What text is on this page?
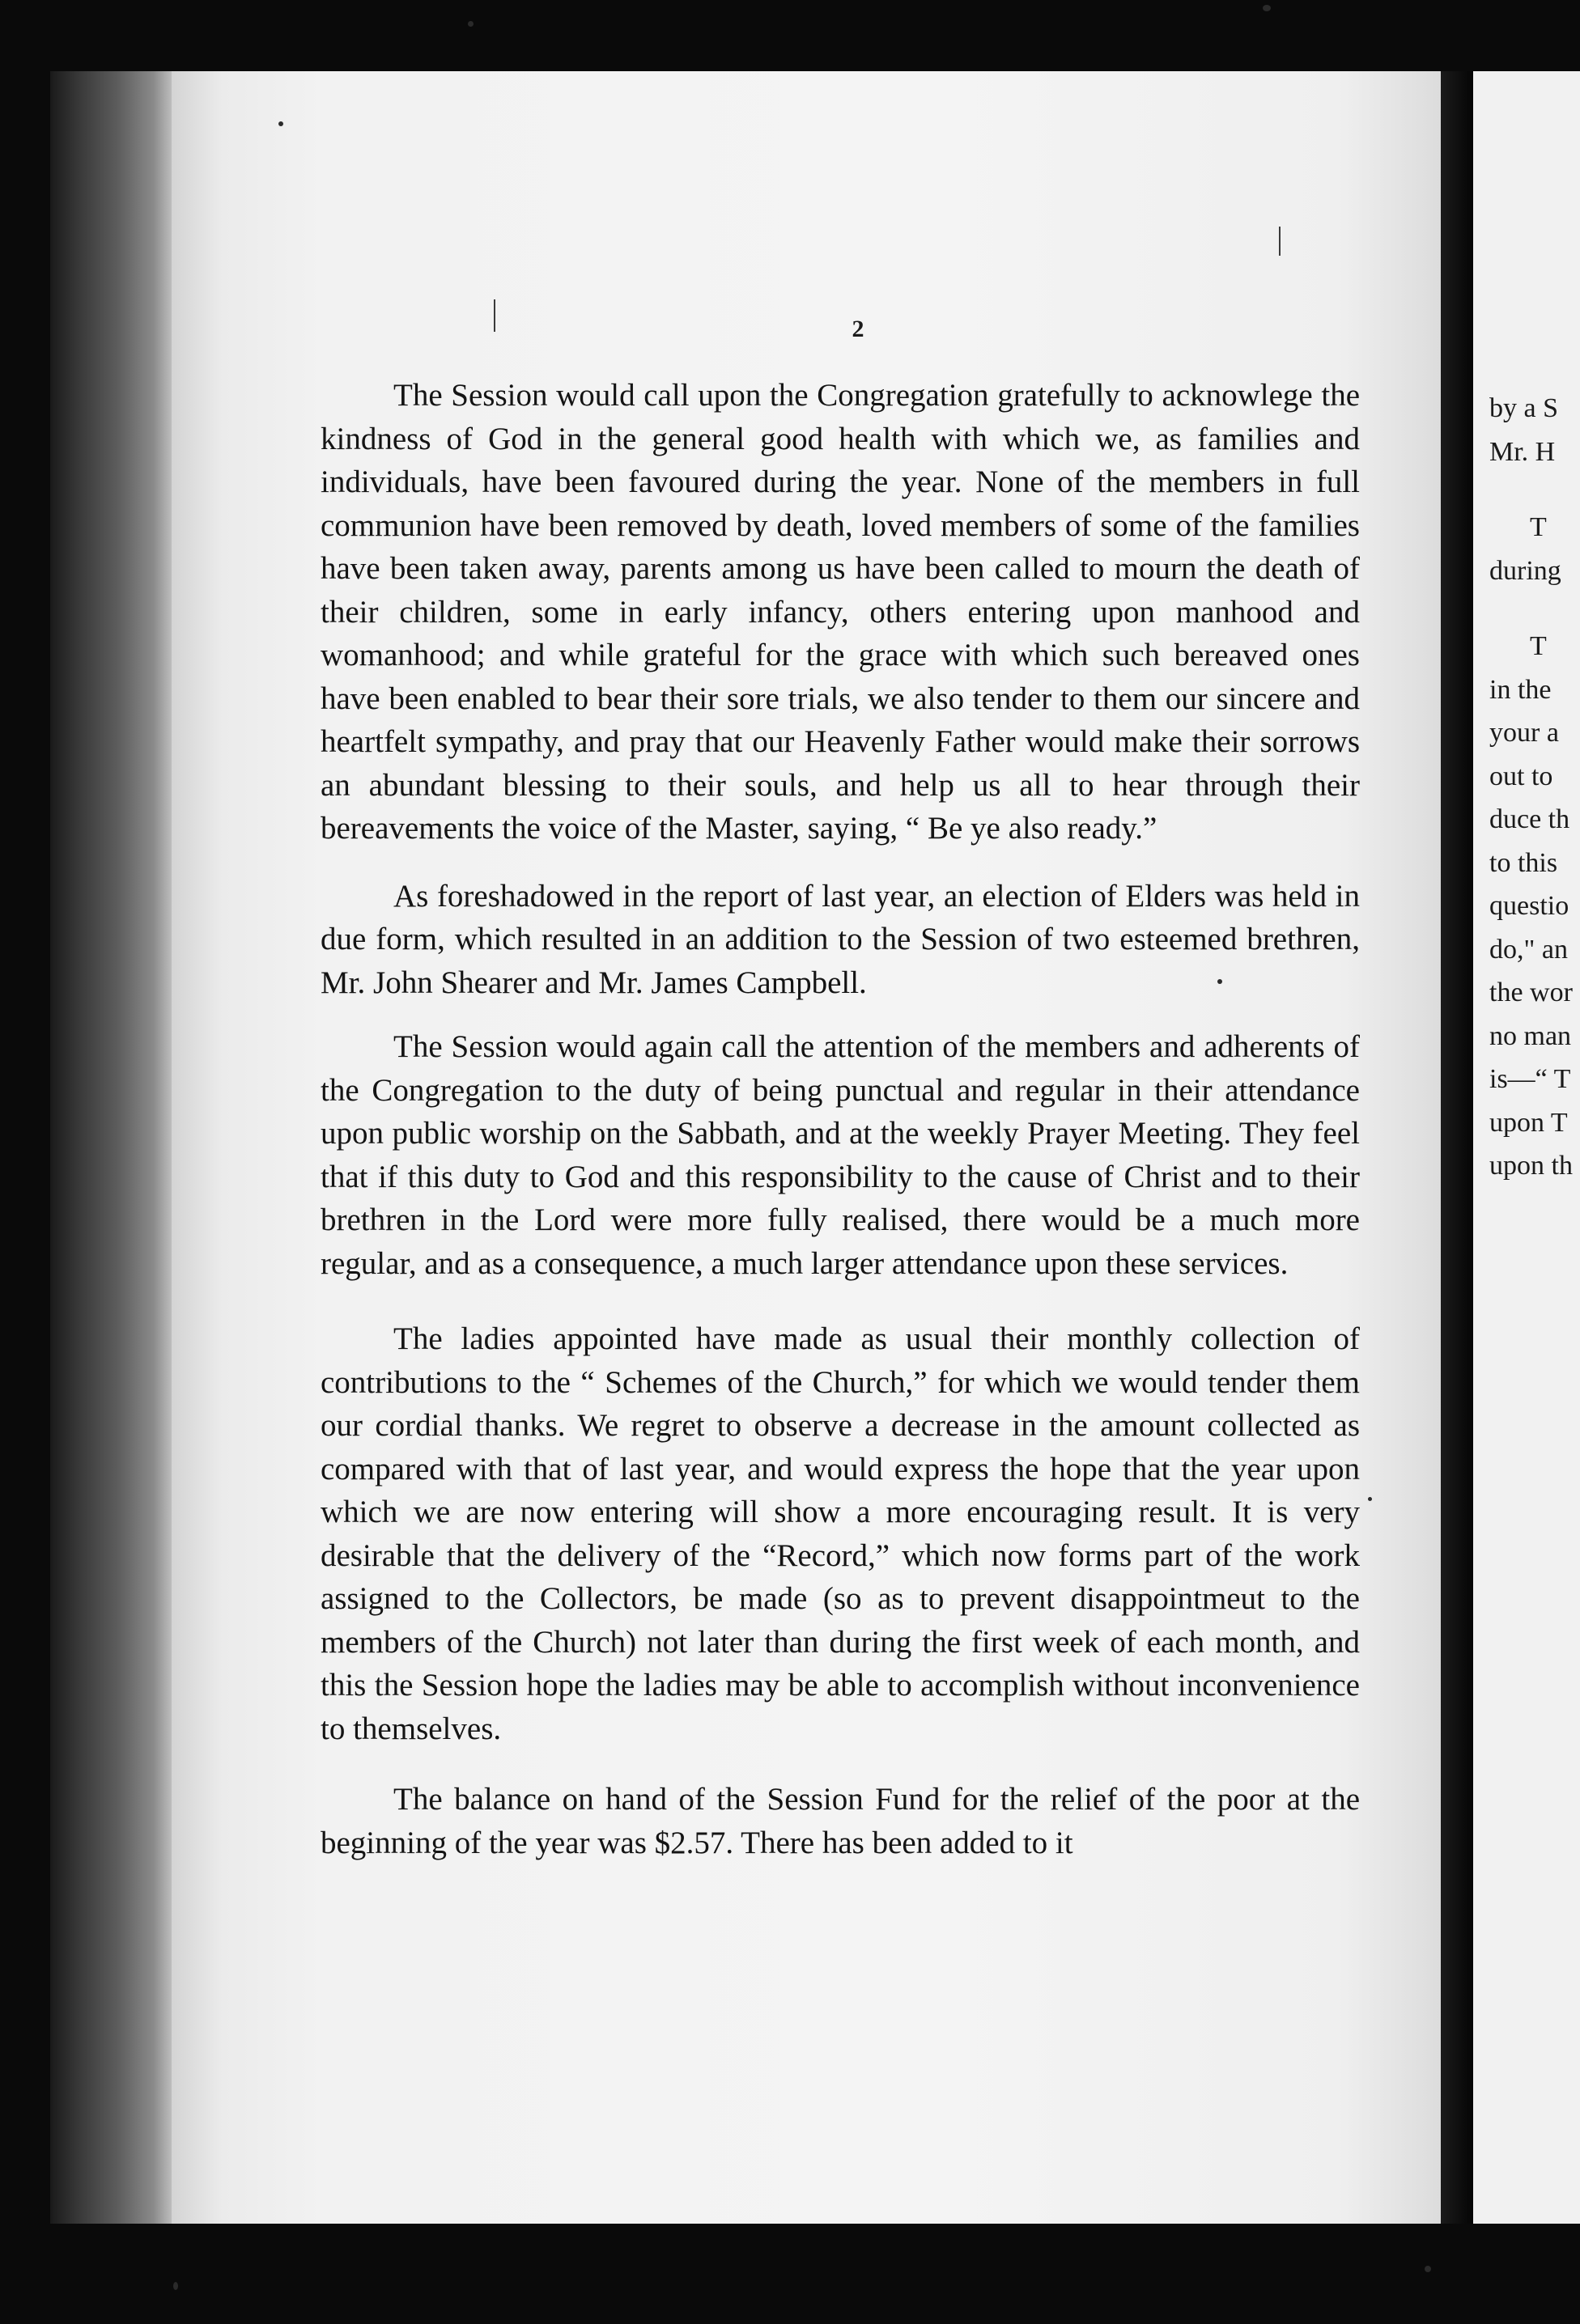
2

The Session would call upon the Congregation gratefully to acknowlege the kindness of God in the general good health with which we, as families and individuals, have been favoured during the year. None of the members in full communion have been removed by death, loved members of some of the families have been taken away, parents among us have been called to mourn the death of their children, some in early infancy, others entering upon manhood and womanhood; and while grateful for the grace with which such bereaved ones have been enabled to bear their sore trials, we also tender to them our sincere and heartfelt sympathy, and pray that our Heavenly Father would make their sorrows an abundant blessing to their souls, and help us all to hear through their bereavements the voice of the Master, saying, “ Be ye also ready.”

As foreshadowed in the report of last year, an election of Elders was held in due form, which resulted in an addition to the Session of two esteemed brethren, Mr. John Shearer and Mr. James Campbell.

The Session would again call the attention of the members and adherents of the Congregation to the duty of being punctual and regular in their attendance upon public worship on the Sabbath, and at the weekly Prayer Meeting. They feel that if this duty to God and this responsibility to the cause of Christ and to their brethren in the Lord were more fully realised, there would be a much more regular, and as a consequence, a much larger attendance upon these services.

The ladies appointed have made as usual their monthly collection of contributions to the “ Schemes of the Church,” for which we would tender them our cordial thanks. We regret to observe a decrease in the amount collected as compared with that of last year, and would express the hope that the year upon which we are now entering will show a more encouraging result. It is very desirable that the delivery of the “Record,” which now forms part of the work assigned to the Collectors, be made (so as to prevent disappointmeut to the members of the Church) not later than during the first week of each month, and this the Session hope the ladies may be able to accomplish without inconvenience to themselves.

The balance on hand of the Session Fund for the relief of the poor at the beginning of the year was $2.57. There has been added to it

by a S
Mr. H
T
during
T
in the
your a
out to
duce th
to this
questio
do," an
the wor
no man
is—“ T
upon T
upon th
